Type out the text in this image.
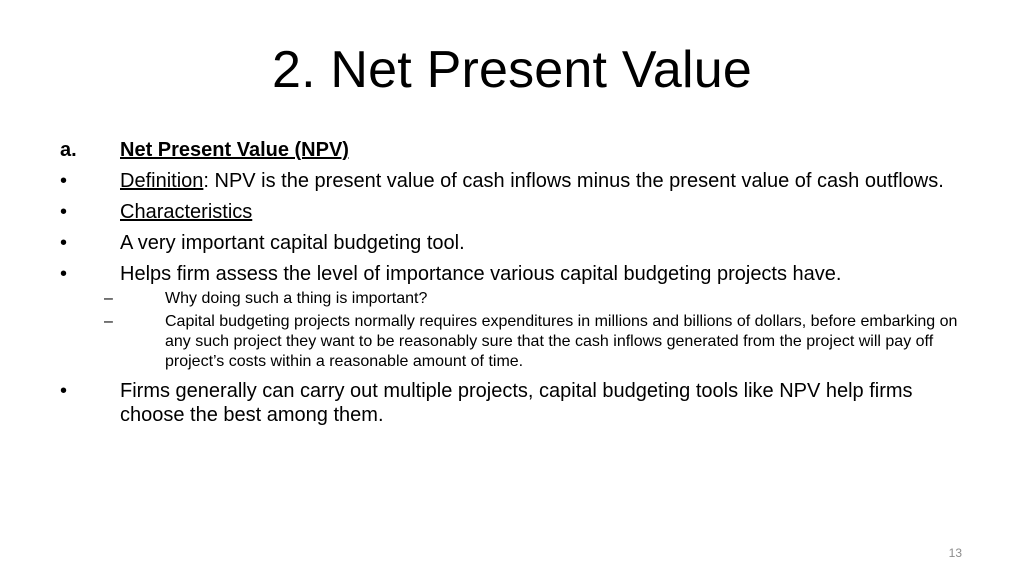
2. Net Present Value
a. Net Present Value (NPV)
•	Definition: NPV is the present value of cash inflows minus the present value of cash outflows.
•	Characteristics
•	A very important capital budgeting tool.
•	Helps firm assess the level of importance various capital budgeting projects have.
–	Why doing such a thing is important?
–	Capital budgeting projects normally requires expenditures in millions and billions of dollars, before embarking on any such project they want to be reasonably sure that the cash inflows generated from the project will pay off project’s costs within a reasonable amount of time.
•	Firms generally can carry out multiple projects, capital budgeting tools like NPV help firms choose the best among them.
13
